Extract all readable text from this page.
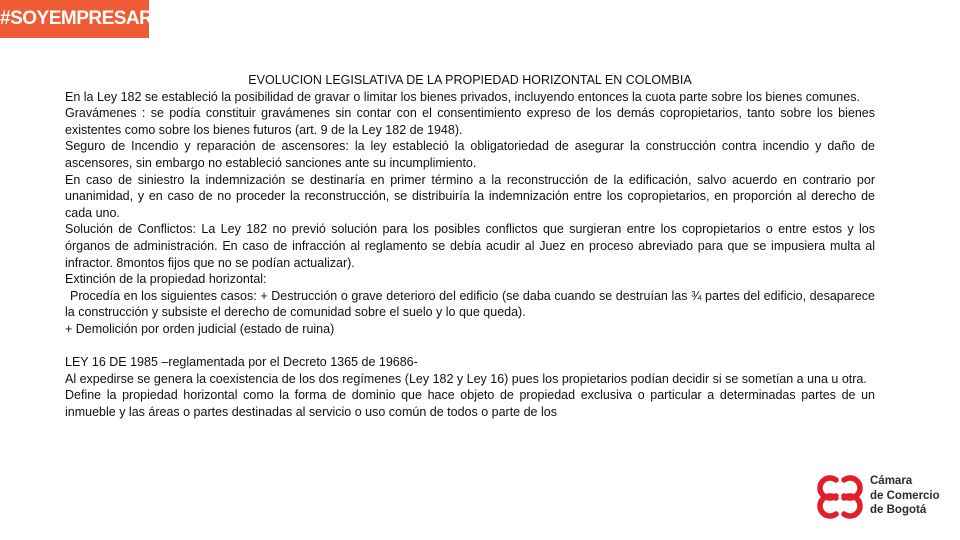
#SOYEMPRESARIO

EVOLUCION LEGISLATIVA DE LA PROPIEDAD HORIZONTAL EN COLOMBIA

En la Ley 182 se estableció la posibilidad de gravar o limitar los bienes privados, incluyendo entonces la cuota parte sobre los bienes comunes.

Gravámenes : se podía constituir gravámenes sin contar con el consentimiento expreso de los demás copropietarios, tanto sobre los bienes existentes como sobre los bienes futuros (art. 9 de la Ley 182 de 1948).

Seguro de Incendio y reparación de ascensores: la ley estableció la obligatoriedad de asegurar la construcción contra incendio y daño de ascensores, sin embargo no estableció sanciones ante su incumplimiento.

En caso de siniestro la indemnización se destinaría en primer término a la reconstrucción de la edificación, salvo acuerdo en contrario por unanimidad, y en caso de no proceder la reconstrucción, se distribuiría la indemnización entre los copropietarios, en proporción al derecho de cada uno.

Solución de Conflictos: La Ley 182 no previó solución para los posibles conflictos que surgieran entre los copropietarios o entre estos y los órganos de administración. En caso de infracción al reglamento se debía acudir al Juez en proceso abreviado para que se impusiera multa al infractor. 8montos fijos que no se podían actualizar).

Extinción de la propiedad horizontal:

Procedía en los siguientes casos: + Destrucción o grave deterioro del edificio (se daba cuando se destruían las ¾ partes del edificio, desaparece la construcción y subsiste el derecho de comunidad sobre el suelo y lo que queda).

+ Demolición por orden judicial (estado de ruina)

LEY 16 DE 1985 –reglamentada por el Decreto 1365 de 19686-

Al expedirse se genera la coexistencia de los dos regímenes (Ley 182 y Ley 16) pues los propietarios podían decidir si se sometían a una u otra.

Define la propiedad horizontal como la forma de dominio que hace objeto de propiedad exclusiva o particular a determinadas partes de un inmueble y las áreas o partes destinadas al servicio o uso común de todos o parte de los

Cámara
de Comercio
de Bogotá
